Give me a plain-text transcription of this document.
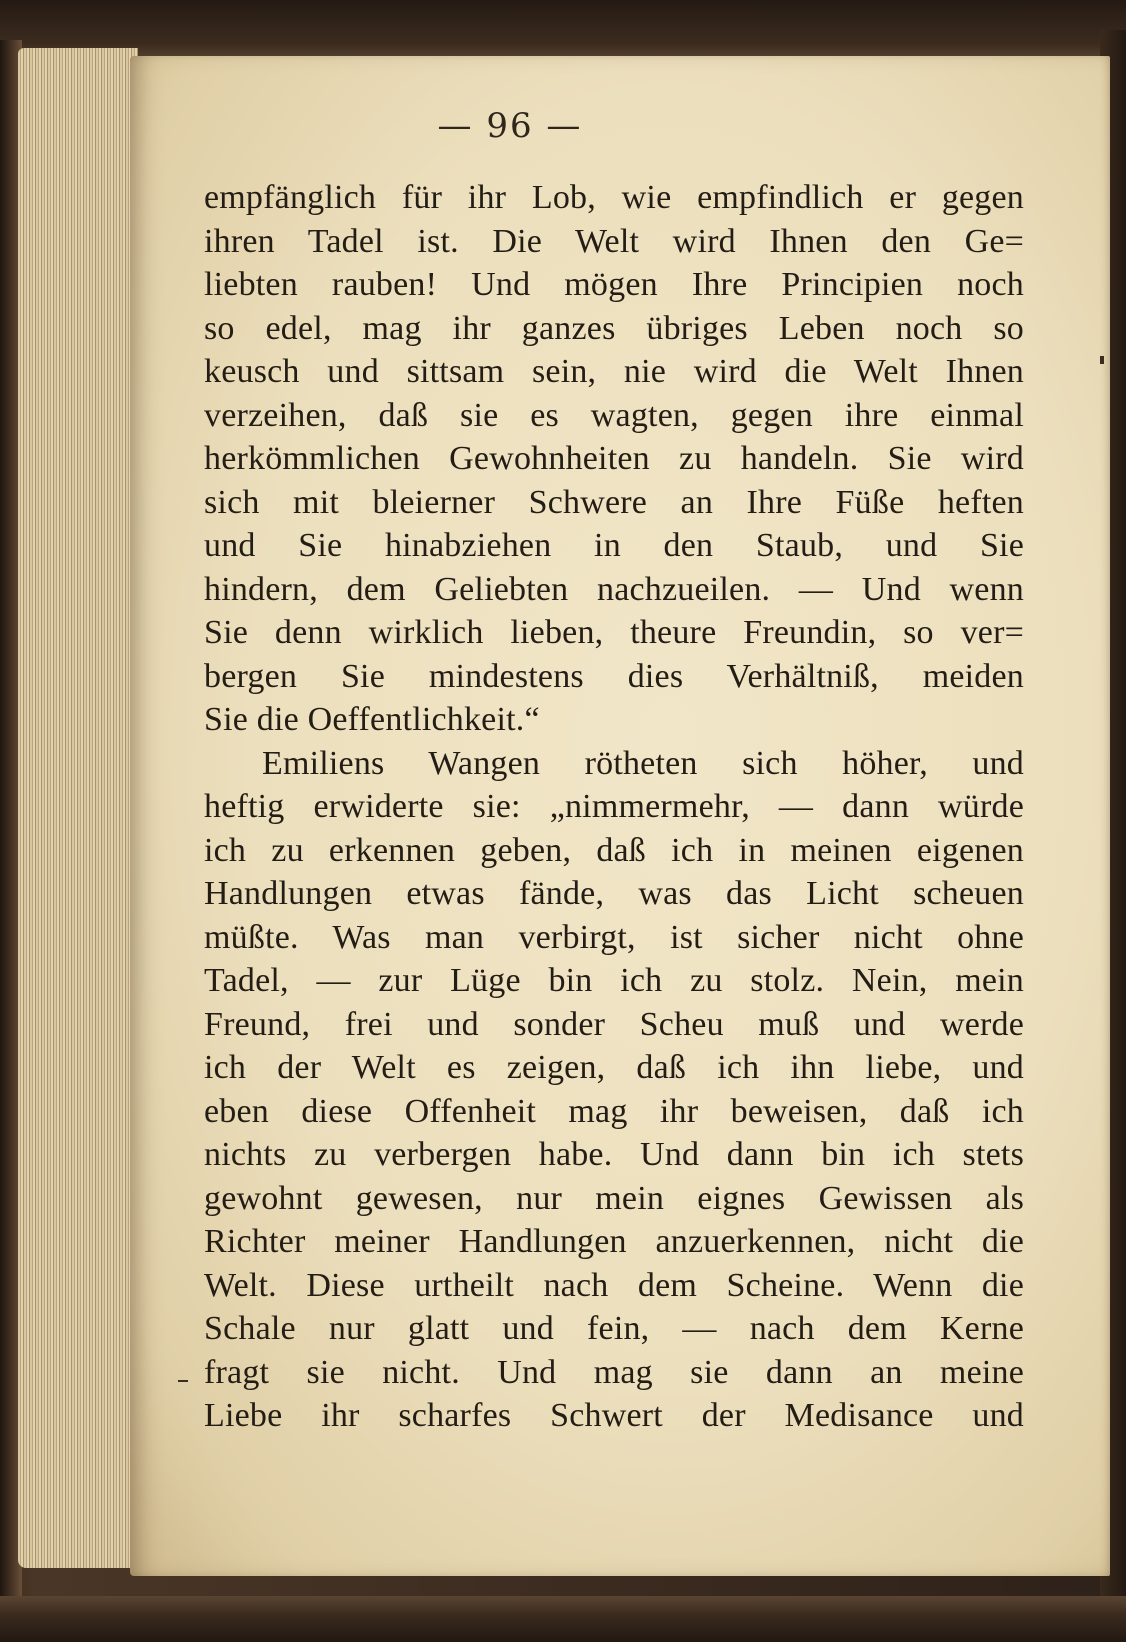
— 96 —
empfänglich für ihr Lob, wie empfindlich er gegen
ihren Tadel ist. Die Welt wird Ihnen den Ge=
liebten rauben! Und mögen Ihre Principien noch
so edel, mag ihr ganzes übriges Leben noch so
keusch und sittsam sein, nie wird die Welt Ihnen
verzeihen, daß sie es wagten, gegen ihre einmal
herkömmlichen Gewohnheiten zu handeln. Sie wird
sich mit bleierner Schwere an Ihre Füße heften
und Sie hinabziehen in den Staub, und Sie
hindern, dem Geliebten nachzueilen. — Und wenn
Sie denn wirklich lieben, theure Freundin, so ver=
bergen Sie mindestens dies Verhältniß, meiden
Sie die Oeffentlichkeit.“
Emiliens Wangen rötheten sich höher, und
heftig erwiderte sie: „nimmermehr, — dann würde
ich zu erkennen geben, daß ich in meinen eigenen
Handlungen etwas fände, was das Licht scheuen
müßte. Was man verbirgt, ist sicher nicht ohne
Tadel, — zur Lüge bin ich zu stolz. Nein, mein
Freund, frei und sonder Scheu muß und werde
ich der Welt es zeigen, daß ich ihn liebe, und
eben diese Offenheit mag ihr beweisen, daß ich
nichts zu verbergen habe. Und dann bin ich stets
gewohnt gewesen, nur mein eignes Gewissen als
Richter meiner Handlungen anzuerkennen, nicht die
Welt. Diese urtheilt nach dem Scheine. Wenn die
Schale nur glatt und fein, — nach dem Kerne
fragt sie nicht. Und mag sie dann an meine
Liebe ihr scharfes Schwert der Medisance und
